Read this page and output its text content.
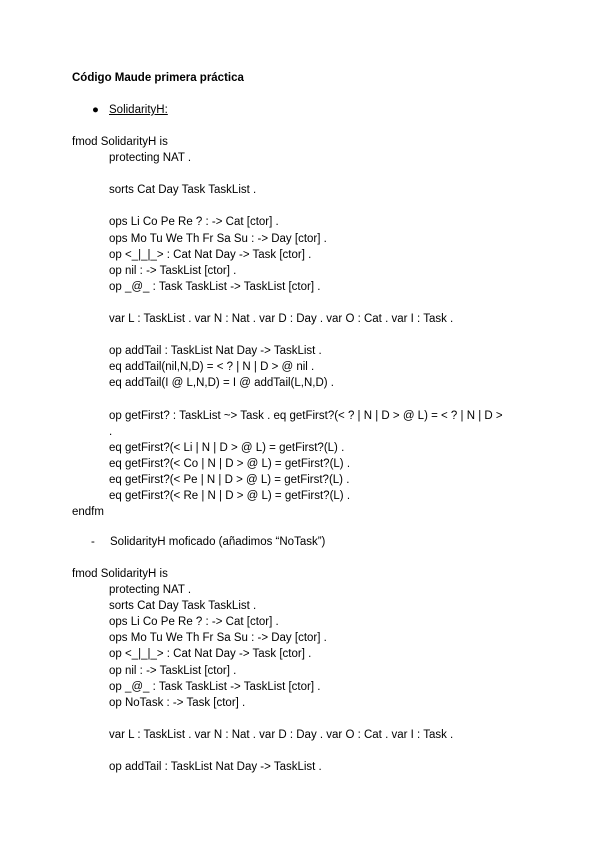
Código Maude primera práctica
● SolidarityH:
fmod SolidarityH is
protecting NAT .
sorts Cat Day Task TaskList .
ops Li Co Pe Re ? : -> Cat [ctor] .
ops Mo Tu We Th Fr Sa Su : -> Day [ctor] .
op <_|_|_> : Cat Nat Day -> Task [ctor] .
op nil : -> TaskList [ctor] .
op _@_ : Task TaskList -> TaskList [ctor] .
var L : TaskList . var N : Nat . var D : Day . var O : Cat . var I : Task .
op addTail : TaskList Nat Day -> TaskList .
eq addTail(nil,N,D) = < ? | N | D > @ nil .
eq addTail(I @ L,N,D) = I @ addTail(L,N,D) .
op getFirst? : TaskList ~> Task . eq getFirst?(< ? | N | D > @ L) = < ? | N | D >
.
eq getFirst?(< Li | N | D > @ L) = getFirst?(L) .
eq getFirst?(< Co | N | D > @ L) = getFirst?(L) .
eq getFirst?(< Pe | N | D > @ L) = getFirst?(L) .
eq getFirst?(< Re | N | D > @ L) = getFirst?(L) .
endfm
- SolidarityH moficado (añadimos “NoTask”)
fmod SolidarityH is
protecting NAT .
sorts Cat Day Task TaskList .
ops Li Co Pe Re ? : -> Cat [ctor] .
ops Mo Tu We Th Fr Sa Su : -> Day [ctor] .
op <_|_|_> : Cat Nat Day -> Task [ctor] .
op nil : -> TaskList [ctor] .
op _@_ : Task TaskList -> TaskList [ctor] .
op NoTask : -> Task [ctor] .
var L : TaskList . var N : Nat . var D : Day . var O : Cat . var I : Task .
op addTail : TaskList Nat Day -> TaskList .
